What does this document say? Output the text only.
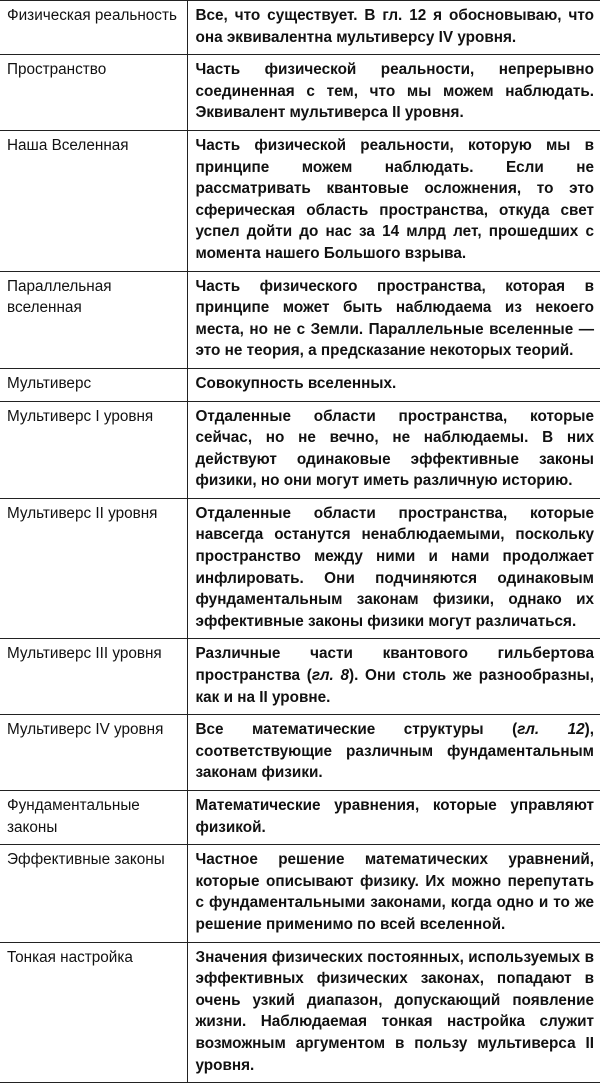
Физическая реальность	Все, что существует. В гл. 12 я обосновываю, что она эквивалентна мультиверсу IV уровня.
Пространство	Часть физической реальности, непрерывно соединенная с тем, что мы можем наблюдать. Эквивалент мультиверса II уровня.
Наша Вселенная	Часть физической реальности, которую мы в принципе можем наблюдать. Если не рассматривать квантовые осложнения, то это сферическая область пространства, откуда свет успел дойти до нас за 14 млрд лет, прошедших с момента нашего Большого взрыва.
Параллельная вселенная	Часть физического пространства, которая в принципе может быть наблюдаема из некоего места, но не с Земли. Параллельные вселенные — это не теория, а предсказание некоторых теорий.
Мультиверс	Совокупность вселенных.
Мультиверс I уровня	Отдаленные области пространства, которые сейчас, но не вечно, не наблюдаемы. В них действуют одинаковые эффективные законы физики, но они могут иметь различную историю.
Мультиверс II уровня	Отдаленные области пространства, которые навсегда останутся ненаблюдаемыми, поскольку пространство между ними и нами продолжает инфлировать. Они подчиняются одинаковым фундаментальным законам физики, однако их эффективные законы физики могут различаться.
Мультиверс III уровня	Различные части квантового гильбертова пространства (гл. 8). Они столь же разнообразны, как и на II уровне.
Мультиверс IV уровня	Все математические структуры (гл. 12), соответствующие различным фундаментальным законам физики.
Фундаментальные законы	Математические уравнения, которые управляют физикой.
Эффективные законы	Частное решение математических уравнений, которые описывают физику. Их можно перепутать с фундаментальными законами, когда одно и то же решение применимо по всей вселенной.
Тонкая настройка	Значения физических постоянных, используемых в эффективных физических законах, попадают в очень узкий диапазон, допускающий появление жизни. Наблюдаемая тонкая настройка служит возможным аргументом в пользу мультиверса II уровня.
